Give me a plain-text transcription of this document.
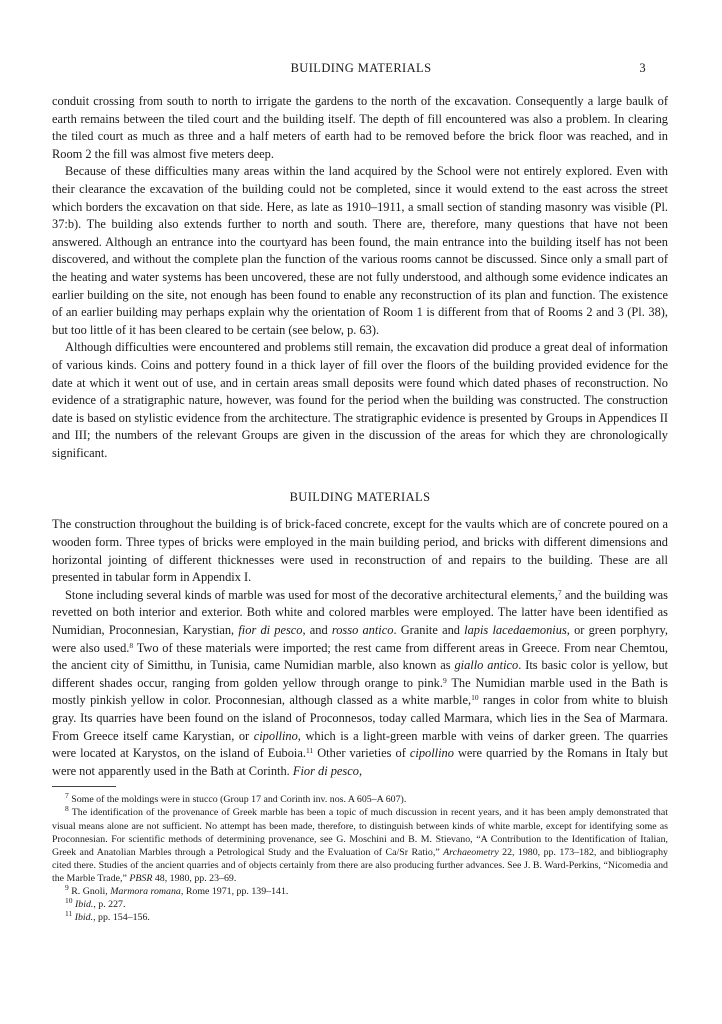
BUILDING MATERIALS	3

conduit crossing from south to north to irrigate the gardens to the north of the excavation. Consequently a large baulk of earth remains between the tiled court and the building itself. The depth of fill encountered was also a problem. In clearing the tiled court as much as three and a half meters of earth had to be removed before the brick floor was reached, and in Room 2 the fill was almost five meters deep.

Because of these difficulties many areas within the land acquired by the School were not entirely explored. Even with their clearance the excavation of the building could not be completed, since it would extend to the east across the street which borders the excavation on that side. Here, as late as 1910–1911, a small section of standing masonry was visible (Pl. 37:b). The building also extends further to north and south. There are, therefore, many questions that have not been answered. Although an entrance into the courtyard has been found, the main entrance into the building itself has not been discovered, and without the complete plan the function of the various rooms cannot be discussed. Since only a small part of the heating and water systems has been uncovered, these are not fully understood, and although some evidence indicates an earlier building on the site, not enough has been found to enable any reconstruction of its plan and function. The existence of an earlier building may perhaps explain why the orientation of Room 1 is different from that of Rooms 2 and 3 (Pl. 38), but too little of it has been cleared to be certain (see below, p. 63).

Although difficulties were encountered and problems still remain, the excavation did produce a great deal of information of various kinds. Coins and pottery found in a thick layer of fill over the floors of the building provided evidence for the date at which it went out of use, and in certain areas small deposits were found which dated phases of reconstruction. No evidence of a stratigraphic nature, however, was found for the period when the building was constructed. The construction date is based on stylistic evidence from the architecture. The stratigraphic evidence is presented by Groups in Appendices II and III; the numbers of the relevant Groups are given in the discussion of the areas for which they are chronologically significant.

BUILDING MATERIALS

The construction throughout the building is of brick-faced concrete, except for the vaults which are of concrete poured on a wooden form. Three types of bricks were employed in the main building period, and bricks with different dimensions and horizontal jointing of different thicknesses were used in reconstruction of and repairs to the building. These are all presented in tabular form in Appendix I.

Stone including several kinds of marble was used for most of the decorative architectural elements,$^7$ and the building was revetted on both interior and exterior. Both white and colored marbles were employed. The latter have been identified as Numidian, Proconnesian, Karystian, fior di pesco, and rosso antico. Granite and lapis lacedaemonius, or green porphyry, were also used.$^8$ Two of these materials were imported; the rest came from different areas in Greece. From near Chemtou, the ancient city of Simitthu, in Tunisia, came Numidian marble, also known as giallo antico. Its basic color is yellow, but different shades occur, ranging from golden yellow through orange to pink.$^9$ The Numidian marble used in the Bath is mostly pinkish yellow in color. Proconnesian, although classed as a white marble,$^{10}$ ranges in color from white to bluish gray. Its quarries have been found on the island of Proconnesos, today called Marmara, which lies in the Sea of Marmara. From Greece itself came Karystian, or cipollino, which is a light-green marble with veins of darker green. The quarries were located at Karystos, on the island of Euboia.$^{11}$ Other varieties of cipollino were quarried by the Romans in Italy but were not apparently used in the Bath at Corinth. Fior di pesco,

$^7$ Some of the moldings were in stucco (Group 17 and Corinth inv. nos. A 605–A 607).

$^8$ The identification of the provenance of Greek marble has been a topic of much discussion in recent years, and it has been amply demonstrated that visual means alone are not sufficient. No attempt has been made, therefore, to distinguish between kinds of white marble, except for identifying some as Proconnesian. For scientific methods of determining provenance, see G. Moschini and B. M. Stievano, “A Contribution to the Identification of Italian, Greek and Anatolian Marbles through a Petrological Study and the Evaluation of Ca/Sr Ratio,” Archaeometry 22, 1980, pp. 173–182, and bibliography cited there. Studies of the ancient quarries and of objects certainly from there are also producing further advances. See J. B. Ward-Perkins, “Nicomedia and the Marble Trade,” PBSR 48, 1980, pp. 23–69.

$^9$ R. Gnoli, Marmora romana, Rome 1971, pp. 139–141.

$^{10}$ Ibid., p. 227.

$^{11}$ Ibid., pp. 154–156.
